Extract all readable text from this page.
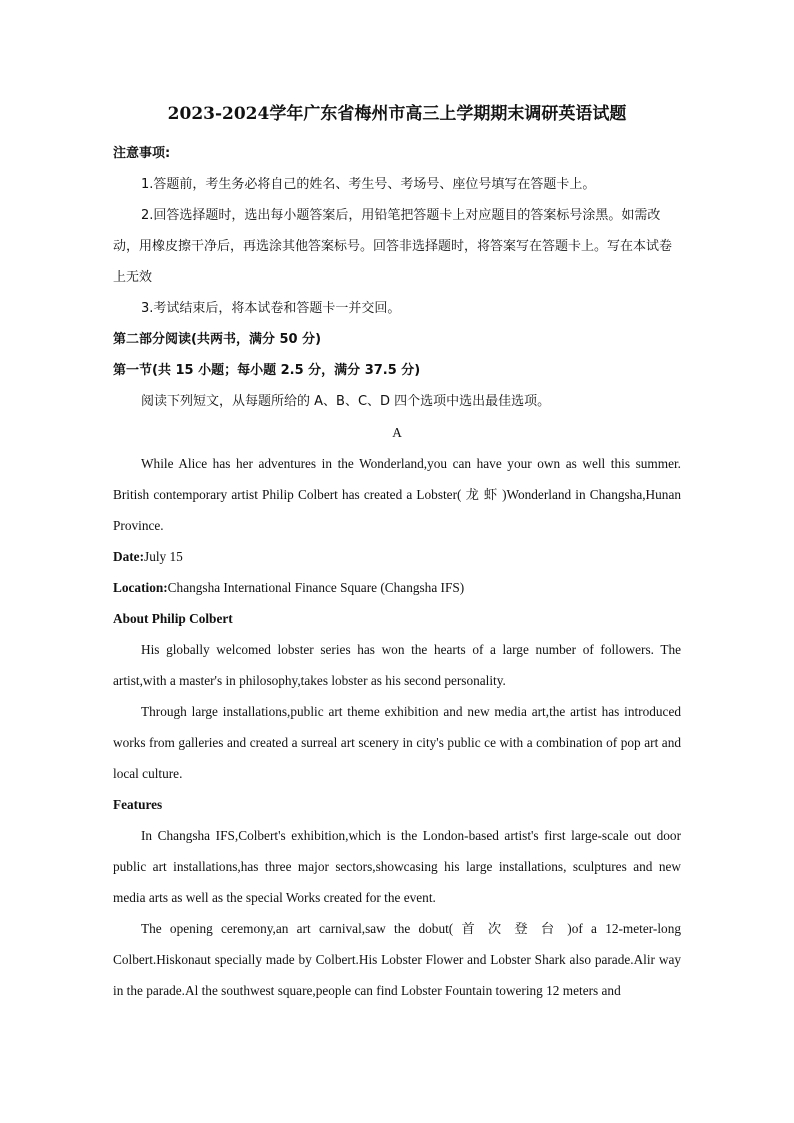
2023-2024学年广东省梅州市高三上学期期末调研英语试题

注意事项:

1.答题前，考生务必将自己的姓名、考生号、考场号、座位号填写在答题卡上。

2.回答选择题时，选出每小题答案后，用铅笔把答题卡上对应题目的答案标号涂黑。如需改动，用橡皮擦干净后，再选涂其他答案标号。回答非选择题时，将答案写在答题卡上。写在本试卷上无效

3.考试结束后，将本试卷和答题卡一并交回。

第二部分阅读(共两书，满分 50 分)

第一节(共 15 小题；每小题 2.5 分，满分 37.5 分)

阅读下列短文，从每题所给的 A、B、C、D 四个选项中选出最佳选项。

A

While Alice has her adventures in the Wonderland,you can have your own as well this summer. British contemporary artist Philip Colbert has created a Lobster( 龙 虾 )Wonderland in Changsha,Hunan Province.

Date:July 15

Location:Changsha International Finance Square (Changsha IFS)

About Philip Colbert

His globally welcomed lobster series has won the hearts of a large number of followers. The artist,with a master's in philosophy,takes lobster as his second personality.

Through large installations,public art theme exhibition and new media art,the artist has introduced works from galleries and created a surreal art scenery in city's public ce with a combination of pop art and local culture.

Features

In Changsha IFS,Colbert's exhibition,which is the London-based artist's first large-scale out door public art installations,has three major sectors,showcasing his large installations, sculptures and new media arts as well as the special Works created for the event.

The opening ceremony,an art carnival,saw the dobut( 首 次 登 台 )of a 12-meter-long Colbert.Hiskonaut specially made by Colbert.His Lobster Flower and Lobster Shark also parade.Alir way in the parade.Al the southwest square,people can find Lobster Fountain towering 12 meters and
